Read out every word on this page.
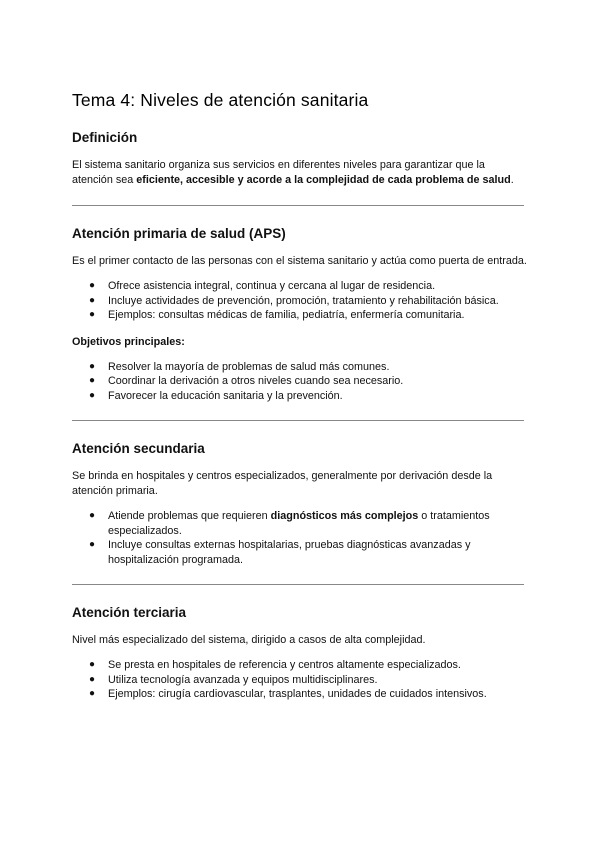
Tema 4: Niveles de atención sanitaria
Definición

El sistema sanitario organiza sus servicios en diferentes niveles para garantizar que la atención sea eficiente, accesible y acorde a la complejidad de cada problema de salud.

Atención primaria de salud (APS)

Es el primer contacto de las personas con el sistema sanitario y actúa como puerta de entrada.

● Ofrece asistencia integral, continua y cercana al lugar de residencia.
● Incluye actividades de prevención, promoción, tratamiento y rehabilitación básica.
● Ejemplos: consultas médicas de familia, pediatría, enfermería comunitaria.

Objetivos principales:

● Resolver la mayoría de problemas de salud más comunes.
● Coordinar la derivación a otros niveles cuando sea necesario.
● Favorecer la educación sanitaria y la prevención.
Atención secundaria

Se brinda en hospitales y centros especializados, generalmente por derivación desde la atención primaria.

● Atiende problemas que requieren diagnósticos más complejos o tratamientos especializados.
● Incluye consultas externas hospitalarias, pruebas diagnósticas avanzadas y hospitalización programada.
Atención terciaria

Nivel más especializado del sistema, dirigido a casos de alta complejidad.

● Se presta en hospitales de referencia y centros altamente especializados.
● Utiliza tecnología avanzada y equipos multidisciplinares.
● Ejemplos: cirugía cardiovascular, trasplantes, unidades de cuidados intensivos.
